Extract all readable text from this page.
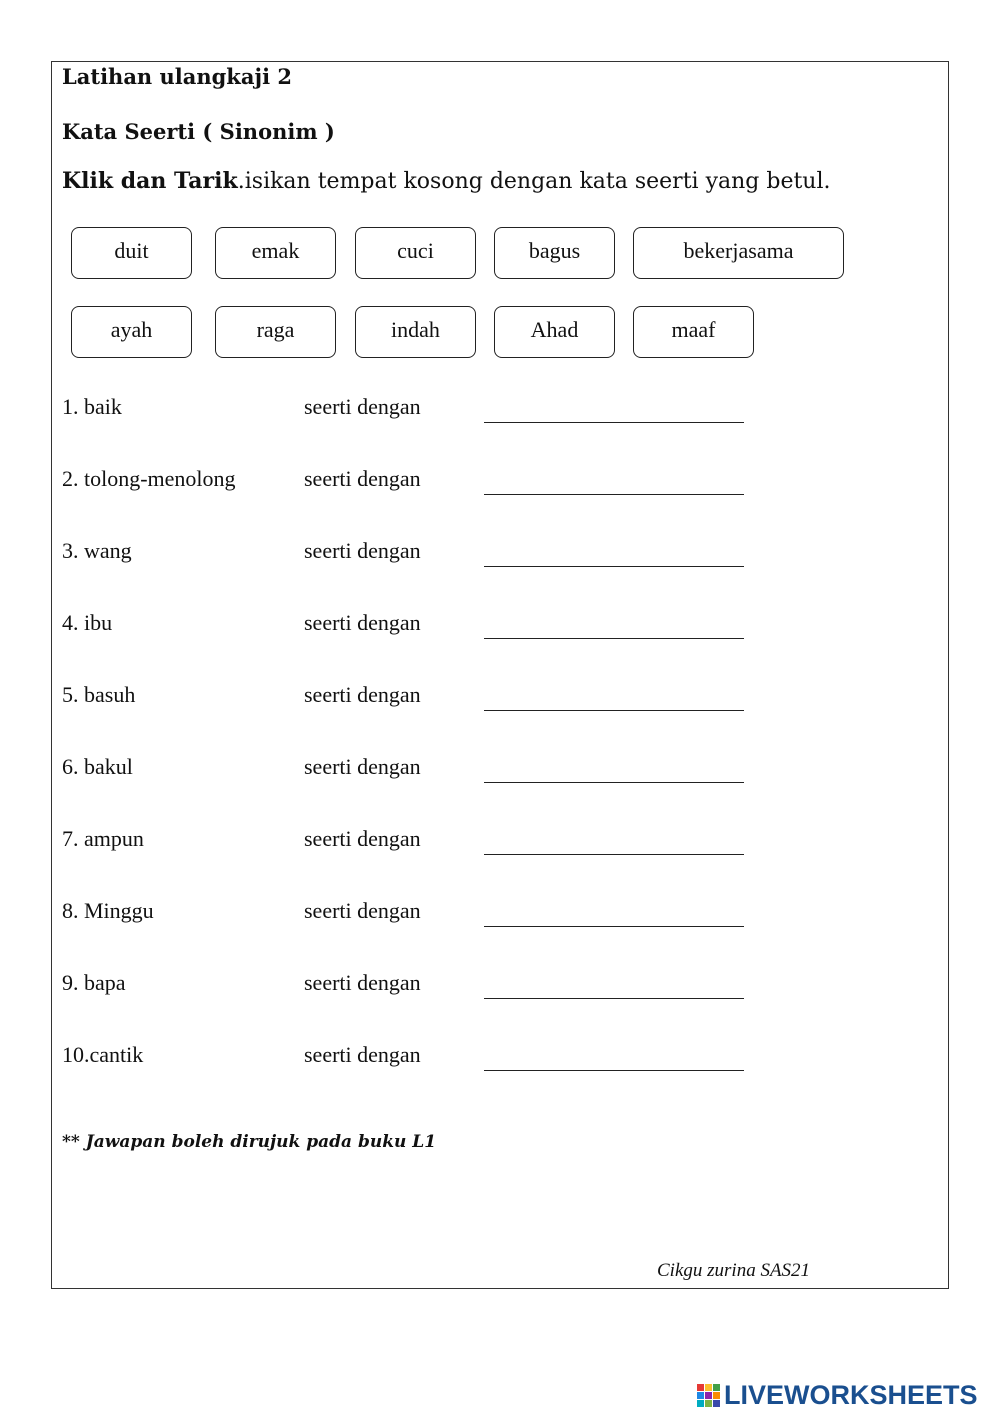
Latihan ulangkaji 2
Kata Seerti ( Sinonim )
Klik dan Tarik.isikan tempat kosong dengan kata seerti yang betul.
duit	emak	cuci	bagus	bekerjasama
ayah	raga	indah	Ahad	maaf
1. baik	seerti dengan
2. tolong-menolong	seerti dengan
3. wang	seerti dengan
4. ibu	seerti dengan
5. basuh	seerti dengan
6. bakul	seerti dengan
7. ampun	seerti dengan
8. Minggu	seerti dengan
9. bapa	seerti dengan
10.cantik	seerti dengan
** Jawapan boleh dirujuk pada buku L1
Cikgu zurina SAS21
LIVEWORKSHEETS
